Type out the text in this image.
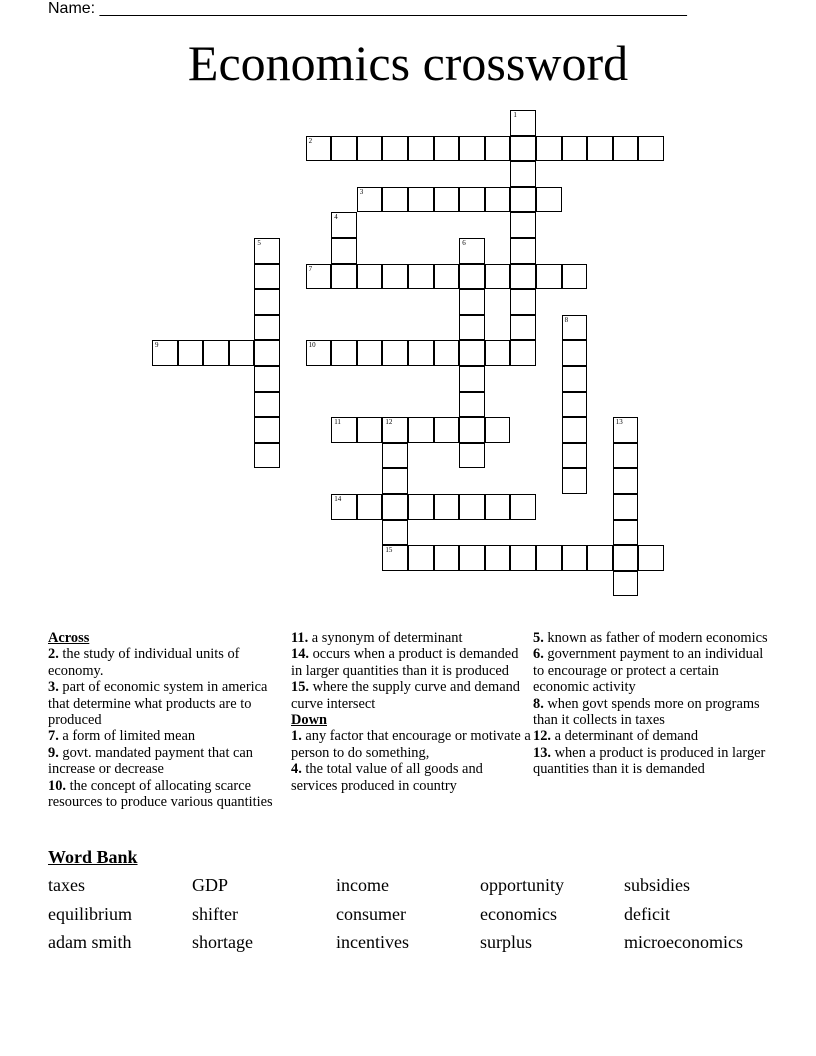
Name: __________________________________________________________________
Economics crossword
1
2
3
4
5	6
7
8
9	10
11	12
15
13
14

Across

2. the study of individual units of economy.

3. part of economic system in america that determine what products are to produced

7. a form of limited mean

9. govt. mandated payment that can increase or decrease

10. the concept of allocating scarce resources to produce various quantities

11. a synonym of determinant

14. occurs when a product is demanded in larger quantities than it is produced

15. where the supply curve and demand curve intersect

Down

1. any factor that encourage or motivate a person to do something,

4. the total value of all goods and services produced in country

5. known as father of modern economics

6. government payment to an individual to encourage or protect a certain economic activity

8. when govt spends more on programs than it collects in taxes

12. a determinant of demand

13. when a product is produced in larger quantities than it is demanded

Word Bank
taxes	GDP	income	opportunity	subsidies
equilibrium	shifter	consumer	economics	deficit
adam smith	shortage	incentives	surplus	microeconomics
